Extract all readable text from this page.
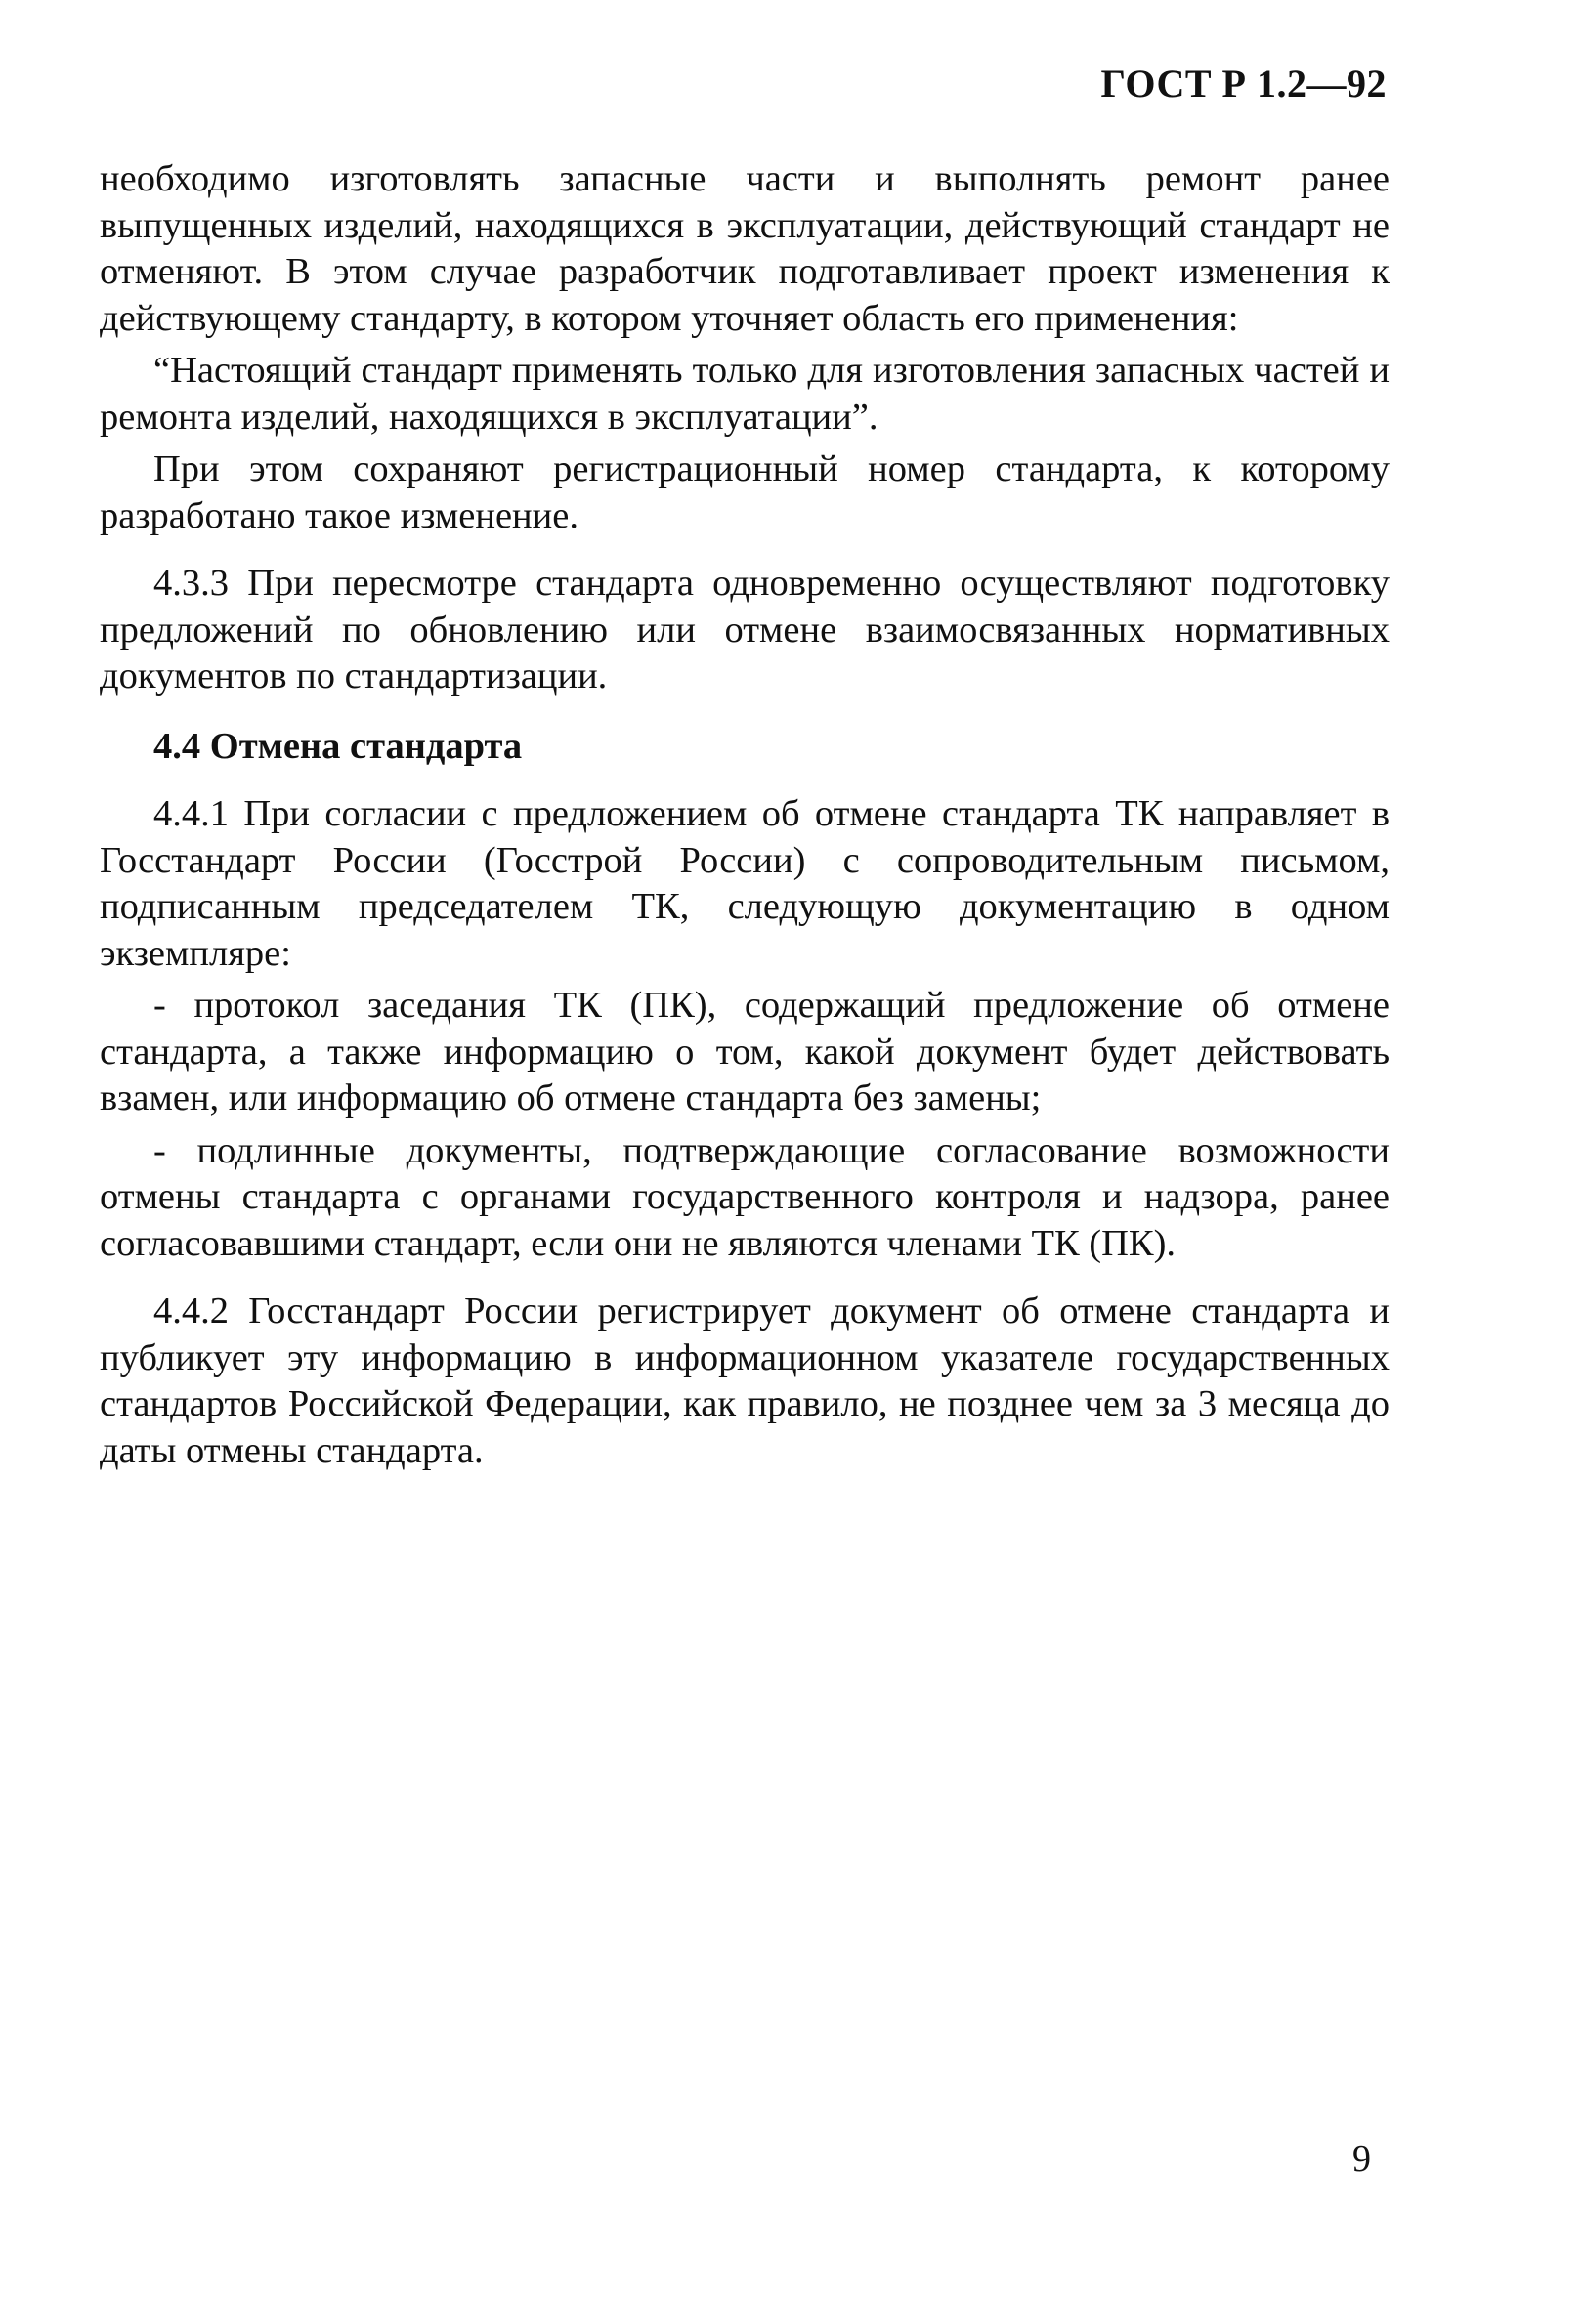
ГОСТ Р 1.2—92

необходимо изготовлять запасные части и выполнять ремонт ранее выпущенных изделий, находящихся в эксплуатации, действующий стандарт не отменяют. В этом случае разработчик подготавливает проект изменения к действующему стандарту, в котором уточняет область его применения:

“Настоящий стандарт применять только для изготовления запасных частей и ремонта изделий, находящихся в эксплуатации”.

При этом сохраняют регистрационный номер стандарта, к которому разработано такое изменение.

4.3.3 При пересмотре стандарта одновременно осуществляют подготовку предложений по обновлению или отмене взаимосвязанных нормативных документов по стандартизации.

4.4 Отмена стандарта

4.4.1 При согласии с предложением об отмене стандарта ТК направляет в Госстандарт России (Госстрой России) с сопроводительным письмом, подписанным председателем ТК, следующую документацию в одном экземпляре:

- протокол заседания ТК (ПК), содержащий предложение об отмене стандарта, а также информацию о том, какой документ будет действовать взамен, или информацию об отмене стандарта без замены;

- подлинные документы, подтверждающие согласование возможности отмены стандарта с органами государственного контроля и надзора, ранее согласовавшими стандарт, если они не являются членами ТК (ПК).

4.4.2 Госстандарт России регистрирует документ об отмене стандарта и публикует эту информацию в информационном указателе государственных стандартов Российской Федерации, как правило, не позднее чем за 3 месяца до даты отмены стандарта.

9
